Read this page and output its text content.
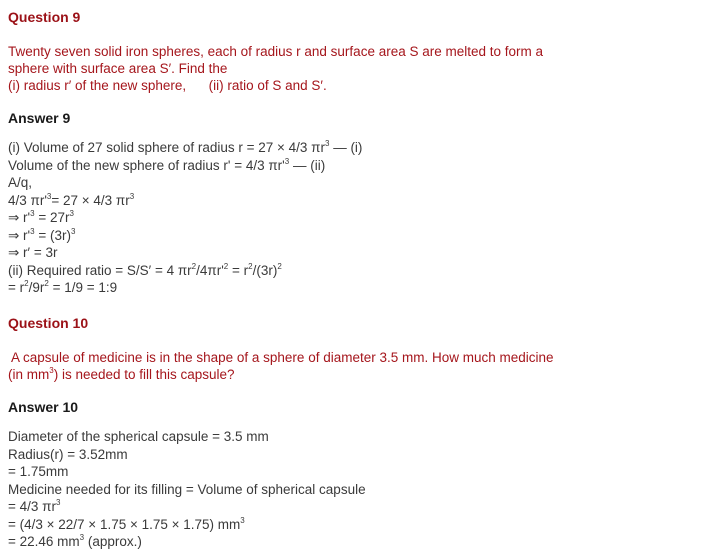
Question 9
Twenty seven solid iron spheres, each of radius r and surface area S are melted to form a
sphere with surface area S′. Find the
(i) radius r′ of the new sphere,      (ii) ratio of S and S′.
Answer 9
(i) Volume of 27 solid sphere of radius r = 27 × 4/3 $\pi r^3$ — (i)
Volume of the new sphere of radius r' = 4/3 $\pi r'^3$ — (ii)
A/q,
4/3 $\pi r'^3= 27 \times 4/3$ $\pi r^3$
⇒ $r'^3 = 27r^3$
⇒ $r'^3 = (3r)^3$
⇒ r′ = 3r
(ii) Required ratio = S/S′ = 4 $\pi r^2/4\pi r'^2 = r^2/(3r)^2$
= $r^2/9r^2 = 1/9$ = 1:9
Question 10
A capsule of medicine is in the shape of a sphere of diameter 3.5 mm. How much medicine
(in $mm^3$) is needed to fill this capsule?
Answer 10
Diameter of the spherical capsule = 3.5 mm
Radius(r) = 3.52mm
= 1.75mm
Medicine needed for its filling = Volume of spherical capsule
= 4/3 $\pi r^3$
= (4/3 × 22/7 × 1.75 × 1.75 × 1.75) $mm^3$
= 22.46 $mm^3$ (approx.)
